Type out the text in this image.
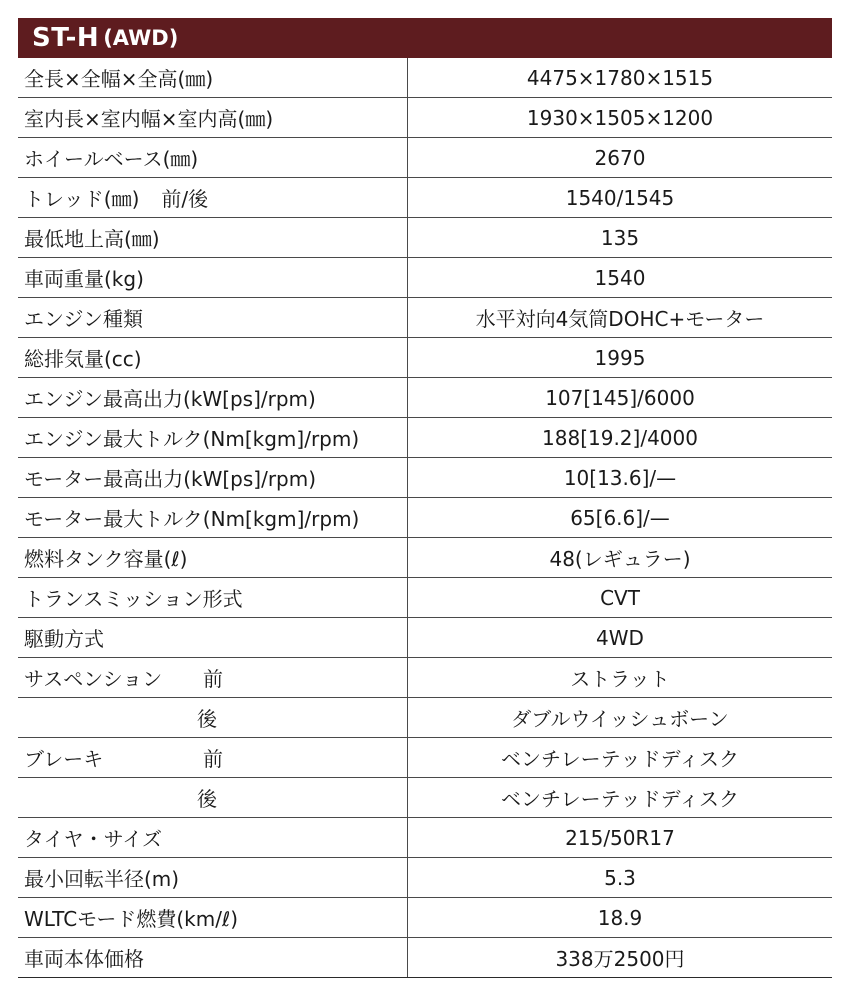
ST-H (AWD)
全長×全幅×全高(㎜)	4475×1780×1515
室内長×室内幅×室内高(㎜)	1930×1505×1200
ホイールベース(㎜)	2670
トレッド(㎜) 前/後	1540/1545
最低地上高(㎜)	135
車両重量(kg)	1540
エンジン種類	水平対向4気筒DOHC+モーター
総排気量(cc)	1995
エンジン最高出力(kW[ps]/rpm)	107[145]/6000
エンジン最大トルク(Nm[kgm]/rpm)	188[19.2]/4000
モーター最高出力(kW[ps]/rpm)	10[13.6]/—
モーター最大トルク(Nm[kgm]/rpm)	65[6.6]/—
燃料タンク容量(ℓ)	48(レギュラー)
トランスミッション形式	CVT
駆動方式	4WD
サスペンション	前	ストラット
後	ダブルウイッシュボーン
ブレーキ	前	ベンチレーテッドディスク
後	ベンチレーテッドディスク
タイヤ・サイズ	215/50R17
最小回転半径(m)	5.3
WLTCモード燃費(km/ℓ)	18.9
車両本体価格	338万2500円
